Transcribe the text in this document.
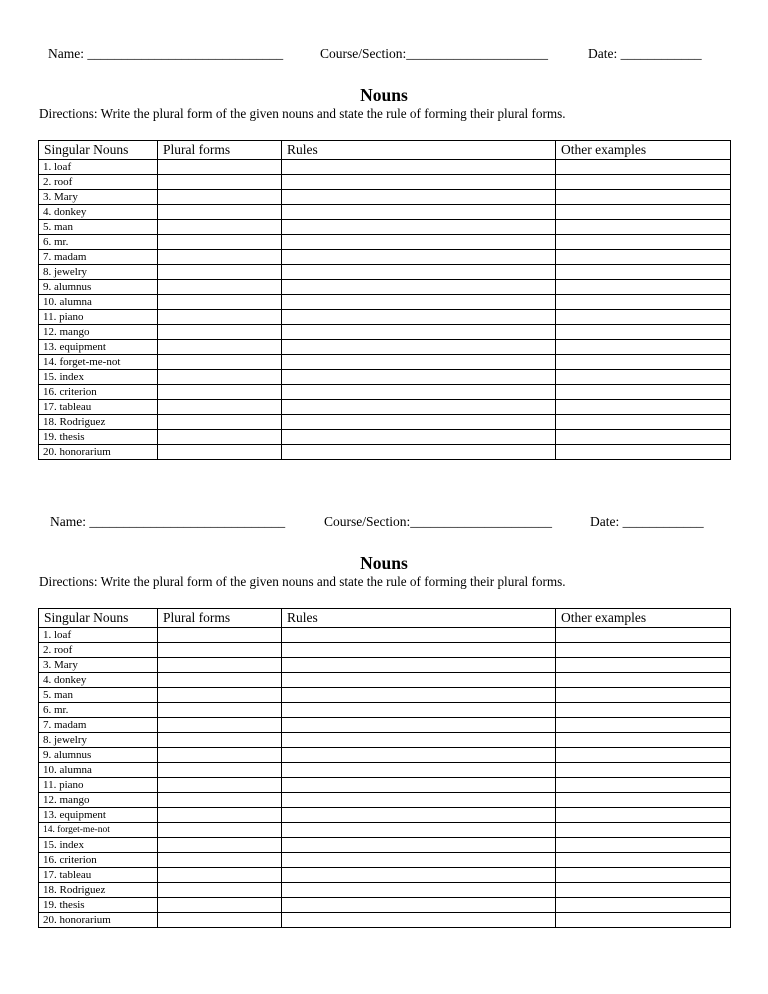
Name: _____________________________	Course/Section:_____________________	Date: ____________
Nouns
Directions: Write the plural form of the given nouns and state the rule of forming their plural forms.
Singular Nouns	Plural forms	Rules	Other examples
1. loaf			
2. roof			
3. Mary			
4. donkey			
5. man			
6. mr.			
7. madam			
8. jewelry			
9. alumnus			
10. alumna			
11. piano			
12. mango			
13. equipment			
14. forget-me-not			
15. index			
16. criterion			
17. tableau			
18. Rodriguez			
19. thesis			
20. honorarium			
Name: _____________________________	Course/Section:_____________________	Date: ____________
Nouns
Directions: Write the plural form of the given nouns and state the rule of forming their plural forms.
Singular Nouns	Plural forms	Rules	Other examples
1. loaf			
2. roof			
3. Mary			
4. donkey			
5. man			
6. mr.			
7. madam			
8. jewelry			
9. alumnus			
10. alumna			
11. piano			
12. mango			
13. equipment			
14. forget-me-not			
15. index			
16. criterion			
17. tableau			
18. Rodriguez			
19. thesis			
20. honorarium			
